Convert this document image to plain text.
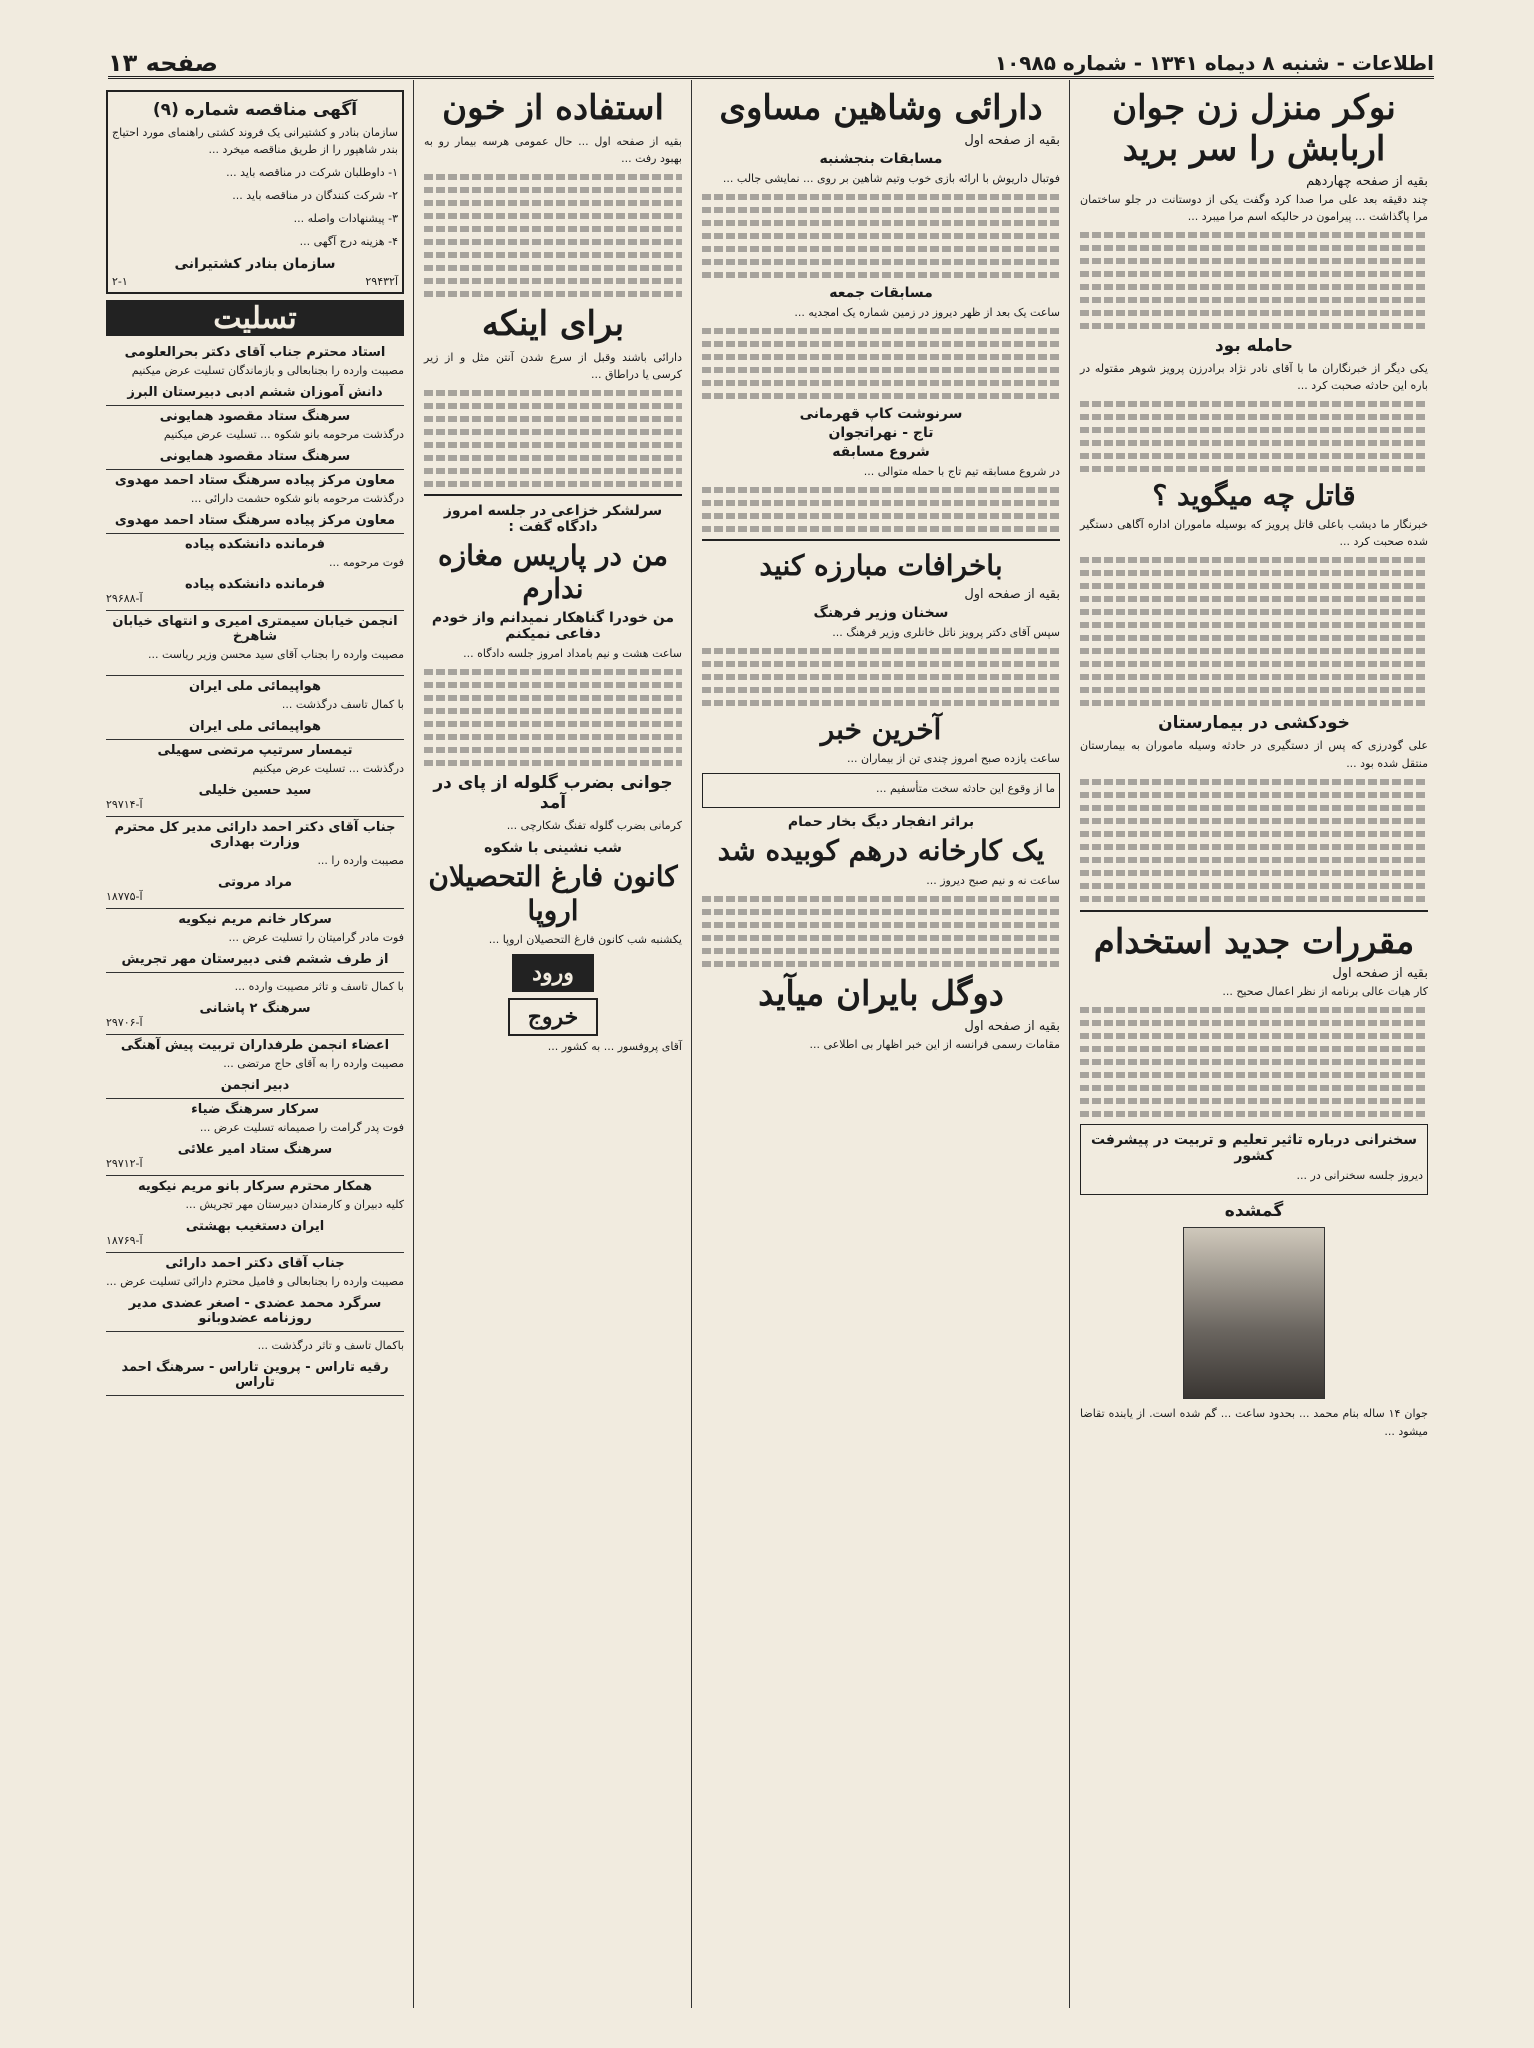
اطلاعات - شنبه ۸ دیماه ۱۳۴۱ - شماره ۱۰۹۸۵
صفحه ۱۳
نوکر منزل زن جوان اربابش را سر برید
بقیه از صفحه چهاردهم
چند دقیقه بعد علی مرا صدا کرد وگفت یکی از دوستانت در جلو ساختمان مرا پاگذاشت ... پیرامون در حالیکه اسم مرا میبرد ...
حامله بود
یکی دیگر از خبرنگاران ما با آقای نادر نژاد برادرزن پرویز شوهر مقتوله در باره این حادثه صحبت کرد ...
قاتل چه میگوید ؟
خبرنگار ما دیشب باعلی قاتل پرویز که بوسیله ماموران اداره آگاهی دستگیر شده صحبت کرد ...
خودکشی در بیمارستان
علی گودرزی که پس از دستگیری در حادثه وسیله ماموران به بیمارستان منتقل شده بود ...
مقررات جدید استخدام
بقیه از صفحه اول
کار هیات عالی برنامه از نظر اعمال صحیح ...
سخنرانی درباره تاثیر تعلیم و تربیت در پیشرفت کشور
دیروز جلسه سخنرانی در ...
گمشده
جوان ۱۴ ساله بنام محمد ... بحدود ساعت ... گم شده است. از یابنده تقاضا میشود ...
دارائی وشاهین مساوی
بقیه از صفحه اول
مسابقات بنجشنبه
فوتبال داریوش با ارائه بازی خوب وتیم شاهین بر روی ... نمایشی جالب ...
مسابقات جمعه
ساعت یک بعد از ظهر دیروز در زمین شماره یک امجدیه ...
سرنوشت کاپ قهرمانی
تاج - نهراتجوان
شروع مسابقه
در شروع مسابقه تیم تاج با حمله متوالی ...
باخرافات مبارزه کنید
بقیه از صفحه اول
سخنان وزیر فرهنگ
سپس آقای دکتر پرویز ناتل خانلری وزیر فرهنگ ...
آخرین خبر
ساعت یازده صبح امروز چندی تن از بیماران ...
ما از وقوع این حادثه سخت متأسفیم ...
براثر انفجار دیگ بخار حمام
یک کارخانه درهم کوبیده شد
ساعت نه و نیم صبح دیروز ...
دوگل بایران میآید
بقیه از صفحه اول
مقامات رسمی فرانسه از این خبر اظهار بی اطلاعی ...
استفاده از خون
بقیه از صفحه اول ... حال عمومی هرسه بیمار رو به بهبود رفت ...
برای اینکه
دارائی باشند وقبل از سرع شدن آنتن مثل و از زیر کرسی یا دراطاق ...
سرلشکر خزاعی در جلسه امروز دادگاه گفت :
من در پاریس مغازه ندارم
من خودرا گناهکار نمیدانم واز خودم دفاعی نمیکنم
ساعت هشت و نیم بامداد امروز جلسه دادگاه ...
جوانی بضرب گلوله از پای در آمد
کرمانی بضرب گلوله تفنگ شکارچی ...
شب نشینی با شکوه
کانون فارغ التحصیلان اروپا
یکشنبه شب کانون فارغ التحصیلان اروپا ...
ورود
خروج
آقای پروفسور ... به کشور ...
آگهی مناقصه شماره (۹)
سازمان بنادر و کشتیرانی یک فروند کشتی راهنمای مورد احتیاج بندر شاهپور را از طریق مناقصه میخرد ...
۱- داوطلبان شرکت در مناقصه باید ...
۲- شرکت کنندگان در مناقصه باید ...
۳- پیشنهادات واصله ...
۴- هزینه درج آگهی ...
سازمان بنادر کشتیرانی
آ۲۹۴۳۲
۲-۱
تسلیت
استاد محترم جناب آقای دکتر بحرالعلومی
مصیبت وارده را بجنابعالی و بازماندگان تسلیت عرض میکنیم
دانش آموزان ششم ادبی دبیرستان البرز
سرهنگ ستاد مقصود همایونی
درگذشت مرحومه بانو شکوه ... تسلیت عرض میکنیم
سرهنگ ستاد مقصود همایونی
معاون مرکز پیاده سرهنگ ستاد احمد مهدوی
درگذشت مرحومه بانو شکوه حشمت دارائی ...
معاون مرکز پیاده سرهنگ ستاد احمد مهدوی
فرمانده دانشکده پیاده
فوت مرحومه ...
فرمانده دانشکده پیاده
آ-۲۹۶۸۸
انجمن خیابان سیمتری امیری و انتهای خیابان شاهرخ
مصیبت وارده را بجناب آقای سید محسن وزیر ریاست ...
هواپیمائی ملی ایران
با کمال تاسف درگذشت ...
هواپیمائی ملی ایران
تیمسار سرتیپ مرتضی سهیلی
درگذشت ... تسلیت عرض میکنیم
سید حسین خلیلی
آ-۲۹۷۱۴
جناب آقای دکتر احمد دارائی مدیر کل محترم وزارت بهداری
مصیبت وارده را ...
مراد مروتی
آ-۱۸۷۷۵
سرکار خانم مریم نیکویه
فوت مادر گرامیتان را تسلیت عرض ...
از طرف ششم فنی دبیرستان مهر تجریش
با کمال تاسف و تاثر مصیبت وارده ...
سرهنگ ۲ پاشانی
آ-۲۹۷۰۶
اعضاء انجمن طرفداران تربیت پیش آهنگی
مصیبت وارده را به آقای حاج مرتضی ...
دبیر انجمن
سرکار سرهنگ ضیاء
فوت پدر گرامت را صمیمانه تسلیت عرض ...
سرهنگ ستاد امیر علائی
آ-۲۹۷۱۲
همکار محترم سرکار بانو مریم نیکویه
کلیه دبیران و کارمندان دبیرستان مهر تجریش ...
ایران دستغیب بهشتی
آ-۱۸۷۶۹
جناب آقای دکتر احمد دارائی
مصیبت وارده را بجنابعالی و فامیل محترم دارائی تسلیت عرض ...
سرگرد محمد عضدی - اصغر عضدی مدیر روزنامه عضدوبانو
باکمال تاسف و تاثر درگذشت ...
رقیه تاراس - پروین تاراس - سرهنگ احمد تاراس
